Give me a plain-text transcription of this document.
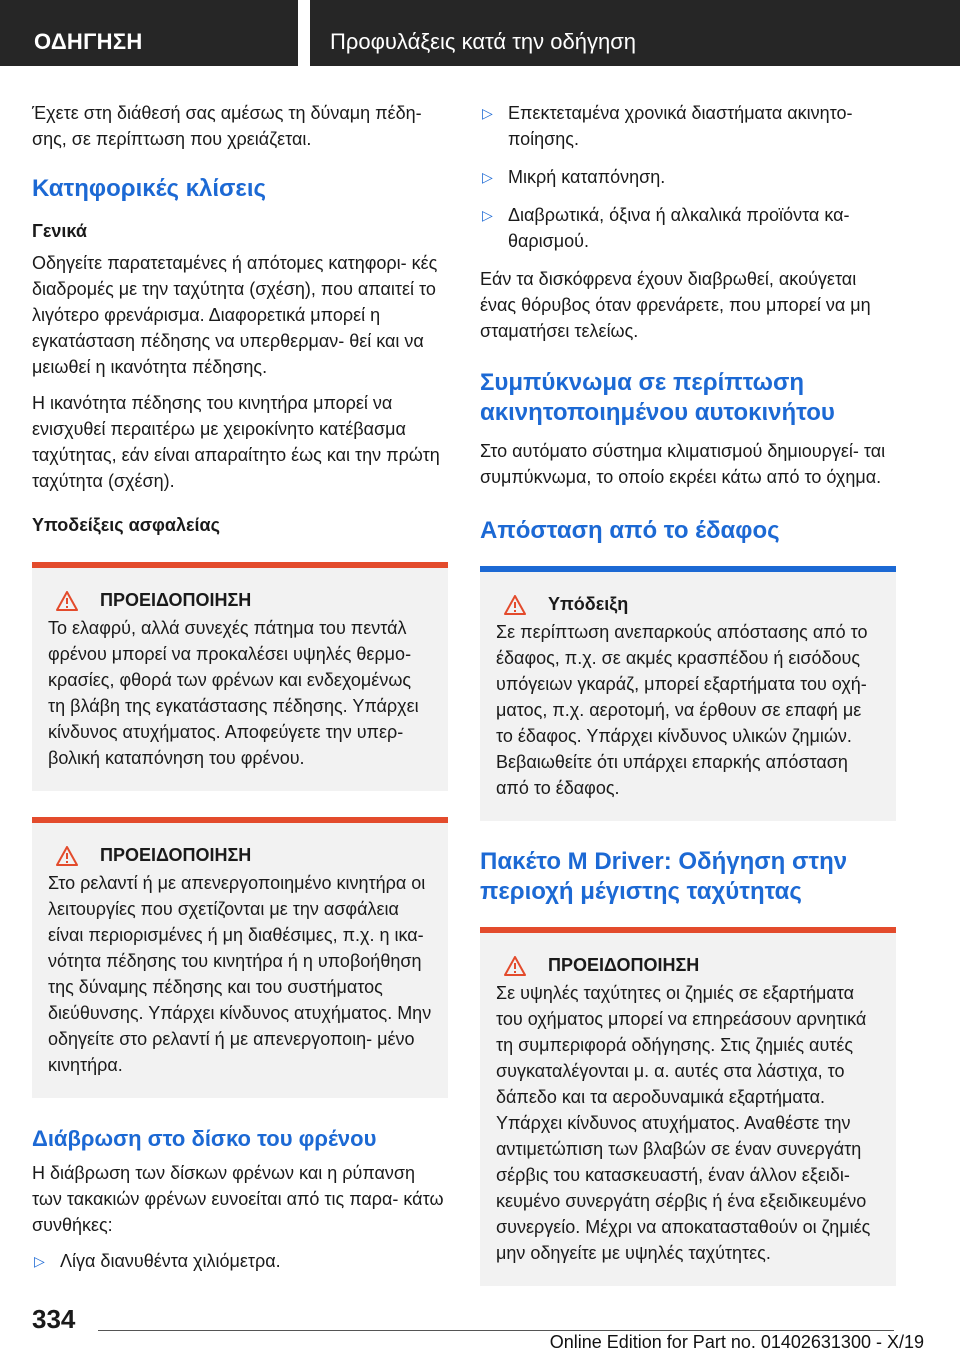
ΟΔΗΓΗΣΗ	Προφυλάξεις κατά την οδήγηση

Έχετε στη διάθεσή σας αμέσως τη δύναμη πέδη- σης, σε περίπτωση που χρειάζεται.

Κατηφορικές κλίσεις
Γενικά

Οδηγείτε παρατεταμένες ή απότομες κατηφορι- κές διαδρομές με την ταχύτητα (σχέση), που απαιτεί το λιγότερο φρενάρισμα. Διαφορετικά μπορεί η εγκατάσταση πέδησης να υπερθερμαν- θεί και να μειωθεί η ικανότητα πέδησης.

Η ικανότητα πέδησης του κινητήρα μπορεί να ενισχυθεί περαιτέρω με χειροκίνητο κατέβασμα ταχύτητας, εάν είναι απαραίτητο έως και την πρώτη ταχύτητα (σχέση).

Υποδείξεις ασφαλείας
ΠΡΟΕΙΔΟΠΟΙΗΣΗ
Το ελαφρύ, αλλά συνεχές πάτημα του πεντάλ φρένου μπορεί να προκαλέσει υψηλές θερμο- κρασίες, φθορά των φρένων και ενδεχομένως τη βλάβη της εγκατάστασης πέδησης. Υπάρχει κίνδυνος ατυχήματος. Αποφεύγετε την υπερ- βολική καταπόνηση του φρένου.
ΠΡΟΕΙΔΟΠΟΙΗΣΗ
Στο ρελαντί ή με απενεργοποιημένο κινητήρα οι λειτουργίες που σχετίζονται με την ασφάλεια είναι περιορισμένες ή μη διαθέσιμες, π.χ. η ικα- νότητα πέδησης του κινητήρα ή η υποβοήθηση της δύναμης πέδησης και του συστήματος διεύθυνσης. Υπάρχει κίνδυνος ατυχήματος. Μην οδηγείτε στο ρελαντί ή με απενεργοποιη- μένο κινητήρα.
Διάβρωση στο δίσκο του φρένου

Η διάβρωση των δίσκων φρένων και η ρύπανση των τακακιών φρένων ευνοείται από τις παρα- κάτω συνθήκες:

▷ Λίγα διανυθέντα χιλιόμετρα.
▷ Επεκτεταμένα χρονικά διαστήματα ακινητο- ποίησης.
▷ Μικρή καταπόνηση.
▷ Διαβρωτικά, όξινα ή αλκαλικά προϊόντα κα- θαρισμού.

Εάν τα δισκόφρενα έχουν διαβρωθεί, ακούγεται ένας θόρυβος όταν φρενάρετε, που μπορεί να μη σταματήσει τελείως.

Συμπύκνωμα σε περίπτωση ακινητοποιημένου αυτοκινήτου

Στο αυτόματο σύστημα κλιματισμού δημιουργεί- ται συμπύκνωμα, το οποίο εκρέει κάτω από το όχημα.

Απόσταση από το έδαφος
Υπόδειξη
Σε περίπτωση ανεπαρκούς απόστασης από το έδαφος, π.χ. σε ακμές κρασπέδου ή εισόδους υπόγειων γκαράζ, μπορεί εξαρτήματα του οχή- ματος, π.χ. αεροτομή, να έρθουν σε επαφή με το έδαφος. Υπάρχει κίνδυνος υλικών ζημιών. Βεβαιωθείτε ότι υπάρχει επαρκής απόσταση από το έδαφος.
Πακέτο M Driver: Οδήγηση στην περιοχή μέγιστης ταχύτητας
ΠΡΟΕΙΔΟΠΟΙΗΣΗ
Σε υψηλές ταχύτητες οι ζημιές σε εξαρτήματα του οχήματος μπορεί να επηρεάσουν αρνητικά τη συμπεριφορά οδήγησης. Στις ζημιές αυτές συγκαταλέγονται μ. α. αυτές στα λάστιχα, το δάπεδο και τα αεροδυναμικά εξαρτήματα. Υπάρχει κίνδυνος ατυχήματος. Αναθέστε την αντιμετώπιση των βλαβών σε έναν συνεργάτη σέρβις του κατασκευαστή, έναν άλλον εξειδι- κευμένο συνεργάτη σέρβις ή ένα εξειδικευμένο συνεργείο. Μέχρι να αποκατασταθούν οι ζημιές μην οδηγείτε με υψηλές ταχύτητες.
334
Online Edition for Part no. 01402631300 - X/19
